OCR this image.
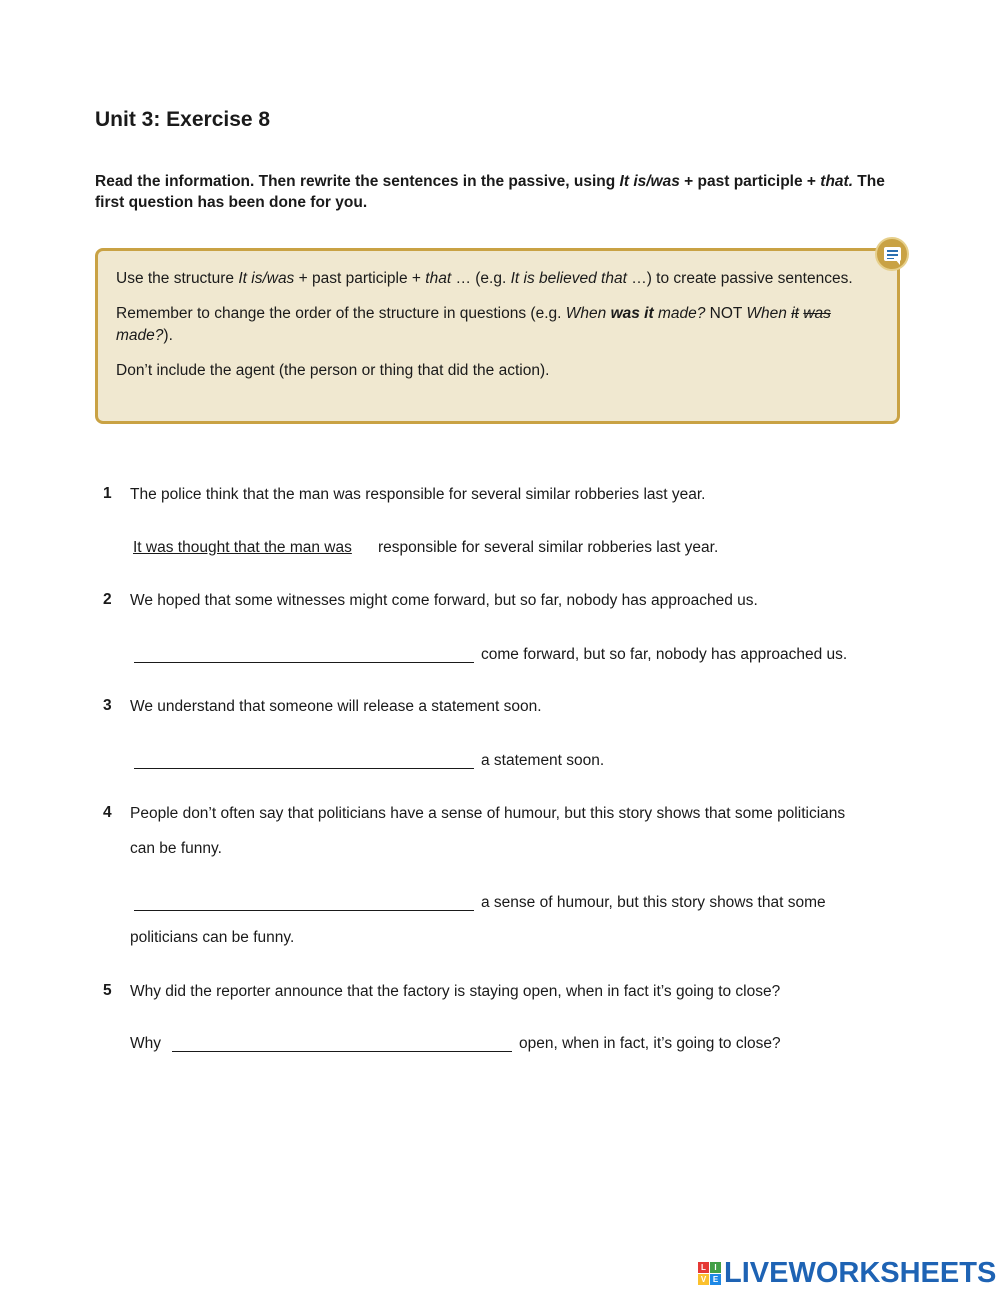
Unit 3: Exercise 8
Read the information. Then rewrite the sentences in the passive, using It is/was + past participle + that. The first question has been done for you.

Use the structure It is/was + past participle + that … (e.g. It is believed that …) to create passive sentences.

Remember to change the order of the structure in questions (e.g. When was it made? NOT When it was made?).

Don’t include the agent (the person or thing that did the action).

1 The police think that the man was responsible for several similar robberies last year.
It was thought that the man was responsible for several similar robberies last year.
2 We hoped that some witnesses might come forward, but so far, nobody has approached us.
come forward, but so far, nobody has approached us.
3 We understand that someone will release a statement soon.
a statement soon.
4 People don’t often say that politicians have a sense of humour, but this story shows that some politicians
can be funny.
a sense of humour, but this story shows that some
politicians can be funny.
5 Why did the reporter announce that the factory is staying open, when in fact it’s going to close?
Why	open, when in fact, it’s going to close?
L	I
V E LIVEWORKSHEETS
